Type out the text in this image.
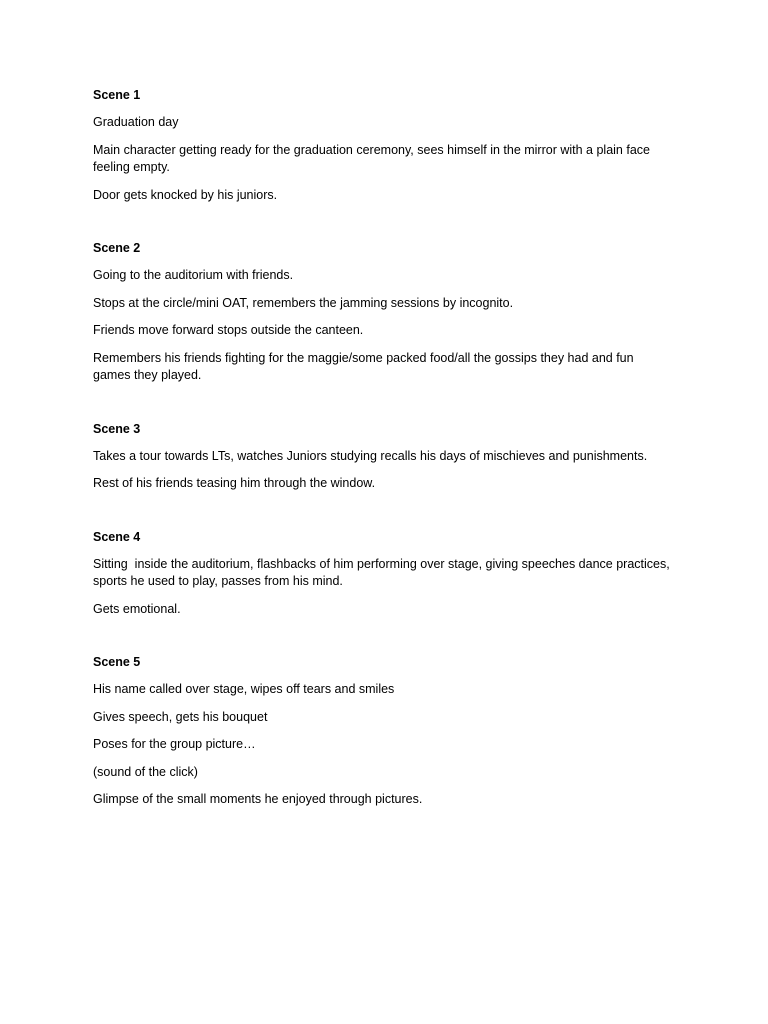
Scene 1
Graduation day
Main character getting ready for the graduation ceremony, sees himself in the mirror with a plain face feeling empty.
Door gets knocked by his juniors.
Scene 2
Going to the auditorium with friends.
Stops at the circle/mini OAT, remembers the jamming sessions by incognito.
Friends move forward stops outside the canteen.
Remembers his friends fighting for the maggie/some packed food/all the gossips they had and fun games they played.
Scene 3
Takes a tour towards LTs, watches Juniors studying recalls his days of mischieves and punishments.
Rest of his friends teasing him through the window.
Scene 4
Sitting  inside the auditorium, flashbacks of him performing over stage, giving speeches dance practices, sports he used to play, passes from his mind.
Gets emotional.
Scene 5
His name called over stage, wipes off tears and smiles
Gives speech, gets his bouquet
Poses for the group picture…
(sound of the click)
Glimpse of the small moments he enjoyed through pictures.
